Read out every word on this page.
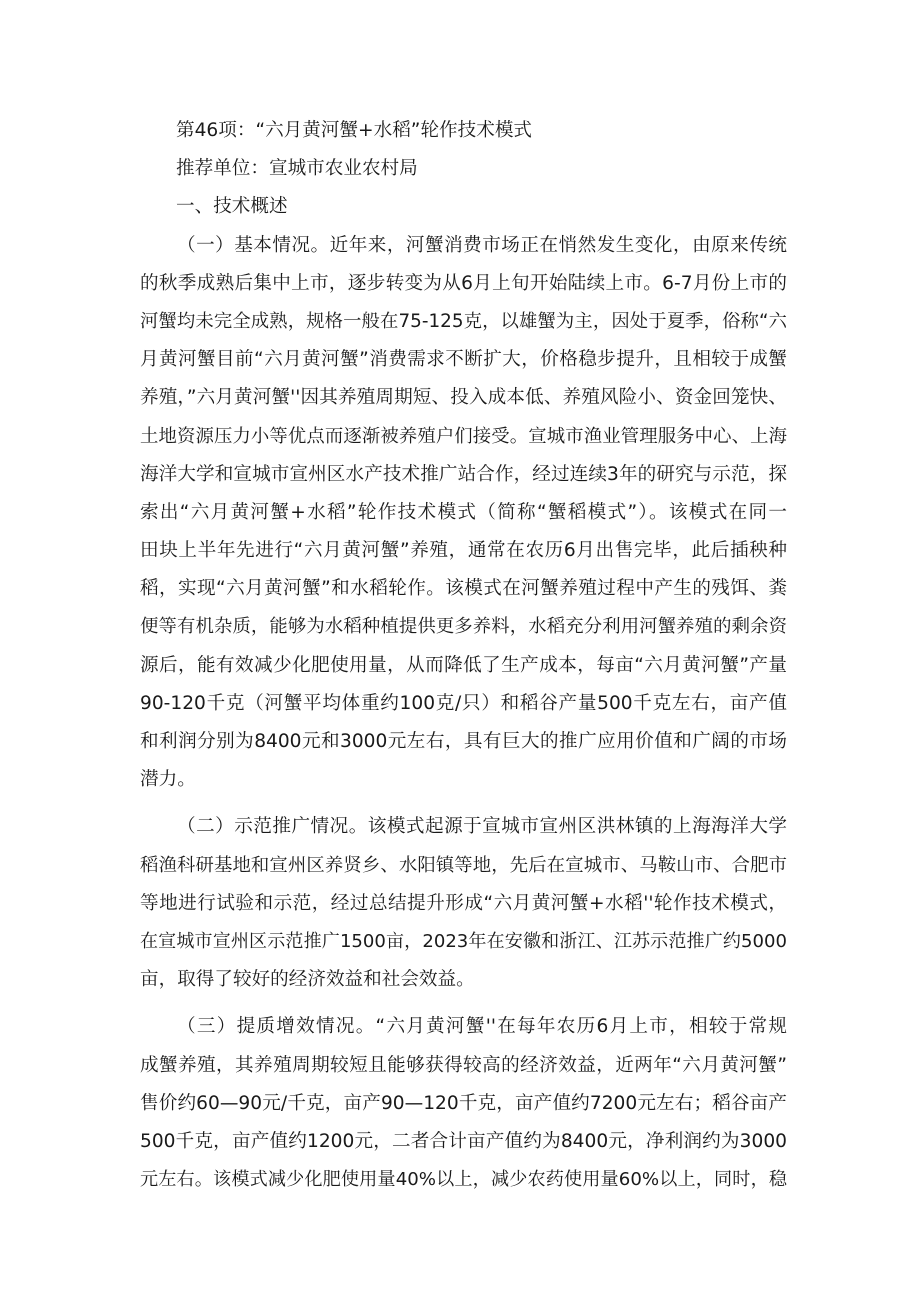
第46项：“六月黄河蟹+水稻”轮作技术模式
推荐单位：宣城市农业农村局
一、技术概述
（一）基本情况。近年来，河蟹消费市场正在悄然发生变化，由原来传统
的秋季成熟后集中上市，逐步转变为从6月上旬开始陆续上市。6-7月份上市的
河蟹均未完全成熟，规格一般在75-125克，以雄蟹为主，因处于夏季，俗称“六
月黄河蟹目前“六月黄河蟹”消费需求不断扩大，价格稳步提升，且相较于成蟹
养殖，”六月黄河蟹''因其养殖周期短、投入成本低、养殖风险小、资金回笼快、
土地资源压力小等优点而逐渐被养殖户们接受。宣城市渔业管理服务中心、上海
海洋大学和宣城市宣州区水产技术推广站合作，经过连续3年的研究与示范，探
索出“六月黄河蟹+水稻”轮作技术模式（简称“蟹稻模式”）。该模式在同一
田块上半年先进行“六月黄河蟹”养殖，通常在农历6月出售完毕，此后插秧种
稻，实现“六月黄河蟹”和水稻轮作。该模式在河蟹养殖过程中产生的残饵、粪
便等有机杂质，能够为水稻种植提供更多养料，水稻充分利用河蟹养殖的剩余资
源后，能有效减少化肥使用量，从而降低了生产成本，每亩“六月黄河蟹”产量
90-120千克（河蟹平均体重约100克/只）和稻谷产量500千克左右，亩产值
和利润分别为8400元和3000元左右，具有巨大的推广应用价值和广阔的市场
潜力。
（二）示范推广情况。该模式起源于宣城市宣州区洪林镇的上海海洋大学
稻渔科研基地和宣州区养贤乡、水阳镇等地，先后在宣城市、马鞍山市、合肥市
等地进行试验和示范，经过总结提升形成“六月黄河蟹+水稻''轮作技术模式，
在宣城市宣州区示范推广1500亩，2023年在安徽和浙江、江苏示范推广约5000
亩，取得了较好的经济效益和社会效益。
（三）提质增效情况。“六月黄河蟹''在每年农历6月上市，相较于常规
成蟹养殖，其养殖周期较短且能够获得较高的经济效益，近两年“六月黄河蟹”
售价约60—90元/千克，亩产90—120千克，亩产值约7200元左右；稻谷亩产
500千克，亩产值约1200元，二者合计亩产值约为8400元，净利润约为3000
元左右。该模式减少化肥使用量40%以上，减少农药使用量60%以上，同时，稳
